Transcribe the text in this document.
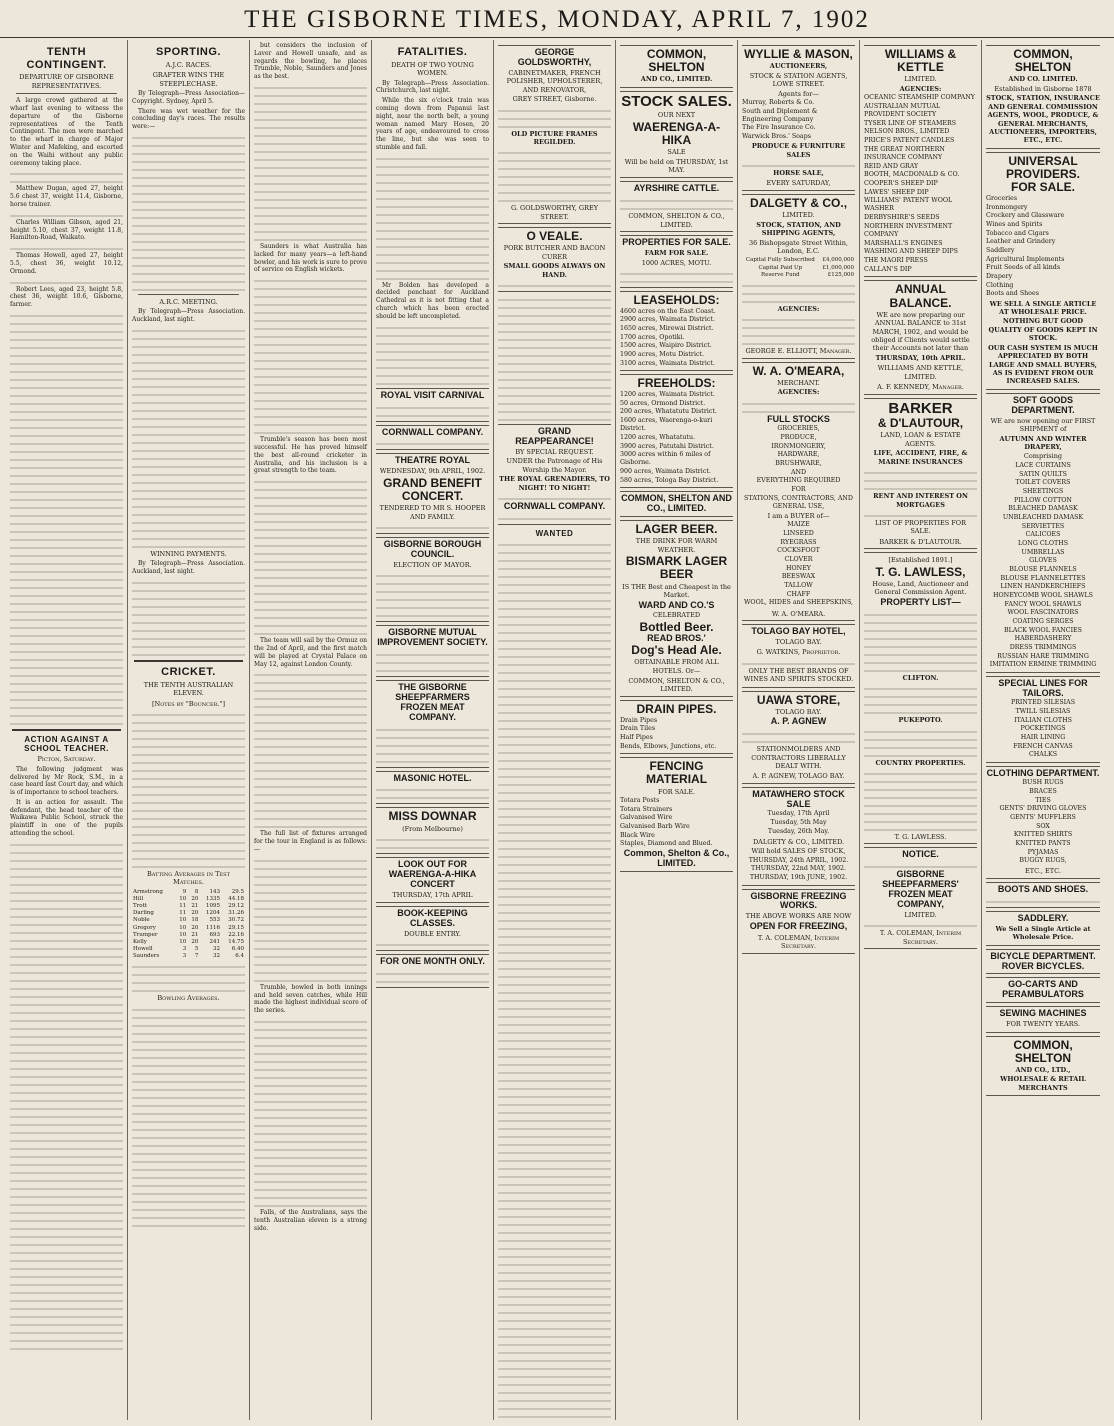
THE GISBORNE TIMES, MONDAY, APRIL 7, 1902
TENTH CONTINGENT.
DEPARTURE OF GISBORNE REPRESENTATIVES.

A large crowd gathered at the wharf last evening to witness the departure of the Gisborne representatives of the Tenth Contingent. The men were marched to the wharf in charge of Major Winter and Mafeking, and escorted on the Waihi without any public ceremony taking place.

Matthew Dugan, aged 27, height 5.6 chest 37, weight 11.4, Gisborne, horse trainer.

Charles William Gibson, aged 21, height 5.10, chest 37, weight 11.8, Hamilton-Road, Waikato.

Thomas Howell, aged 27, height 5.5, chest 36, weight 10.12, Ormond.

Robert Lees, aged 23, height 5.8, chest 36, weight 10.6, Gisborne, farmer.

ACTION AGAINST A SCHOOL TEACHER.
Picton, Saturday.

The following judgment was delivered by Mr Rock, S.M., in a case heard last Court day, and which is of importance to school teachers.

It is an action for assault. The defendant, the head teacher of the Waikawa Public School, struck the plaintiff in one of the pupils attending the school.

SPORTING.
A.J.C. RACES.
GRAFTER WINS THE STEEPLECHASE.

By Telegraph—Press Association—Copyright. Sydney, April 5.

There was wet weather for the concluding day's races. The results were:—

A.R.C. MEETING.

By Telegraph—Press Association. Auckland, last night.

WINNING PAYMENTS.

By Telegraph—Press Association. Auckland, last night.

CRICKET.
THE TENTH AUSTRALIAN ELEVEN.
[Notes by "Bouncer."]
Batting Averages in Test Matches.
Armstrong	9	8	143	29.5
Hill	10	20	1335	44.18
Trott	11	21	1095	29.12
Darling	11	20	1204	31.26
Noble	10	18	553	30.72
Gregory	10	20	1116	29.15
Trumper	10	21	693	22.16
Kelly	10	20	241	14.75
Howell	3	5	32	6.40
Saunders	3	7	32	6.4
Bowling Averages.

but considers the inclusion of Laver and Howell unsafe, and as regards the bowling, he places Trumble, Noble, Saunders and Jones as the best.

Saunders is what Australia has lacked for many years—a left-hand bowler, and his work is sure to prove of service on English wickets.

Trumble's season has been most successful. He has proved himself the best all-round cricketer in Australia, and his inclusion is a great strength to the team.

The team will sail by the Ormuz on the 2nd of April, and the first match will be played at Crystal Palace on May 12, against London County.

The full list of fixtures arranged for the tour in England is as follows:—

Trumble, bowled in both innings and held seven catches, while Hill made the highest individual score of the series.

Falls, of the Australians, says the tenth Australian eleven is a strong side.

FATALITIES.
DEATH OF TWO YOUNG WOMEN.

By Telegraph—Press Association. Christchurch, last night.

While the six o'clock train was coming down from Papanui last night, near the north belt, a young woman named Mary Hosen, 20 years of age, endeavoured to cross the line, but she was seen to stumble and fall.

Mr Bolden has developed a decided penchant for Auckland Cathedral as it is not fitting that a church which has been erected should be left uncompleted.

ROYAL VISIT CARNIVAL
CORNWALL COMPANY.
THEATRE ROYAL
WEDNESDAY, 9th APRIL, 1902.
GRAND BENEFIT CONCERT.
TENDERED TO MR S. HOOPER AND FAMILY.
GISBORNE BOROUGH COUNCIL.
ELECTION OF MAYOR.
GISBORNE MUTUAL IMPROVEMENT SOCIETY.
THE GISBORNE SHEEPFARMERS FROZEN MEAT COMPANY.
MASONIC HOTEL.
MISS DOWNAR
(From Melbourne)
LOOK OUT FOR WAERENGA-A-HIKA CONCERT
THURSDAY, 17th APRIL
BOOK-KEEPING CLASSES.
DOUBLE ENTRY.
FOR ONE MONTH ONLY.
GEORGE GOLDSWORTHY,
CABINETMAKER, FRENCH POLISHER, UPHOLSTERER, AND RENOVATOR,
GREY STREET, Gisborne.
OLD PICTURE FRAMES REGILDED.
G. GOLDSWORTHY, GREY STREET.
O VEALE.
PORK BUTCHER AND BACON CURER
SMALL GOODS ALWAYS ON HAND.
GRAND REAPPEARANCE!
BY SPECIAL REQUEST.
UNDER the Patronage of His Worship the Mayor.
THE ROYAL GRENADIERS, TO NIGHT! TO NIGHT!
CORNWALL COMPANY.
WANTED
COMMON, SHELTON
AND CO., LIMITED.
STOCK SALES.
OUR NEXT
WAERENGA-A-HIKA
SALE
Will be held on THURSDAY, 1st MAY.
AYRSHIRE CATTLE.
COMMON, SHELTON & CO., LIMITED.
PROPERTIES FOR SALE.
FARM FOR SALE.
1000 ACRES, MOTU.
LEASEHOLDS:
4600 acres on the East Coast.
2900 acres, Waimata District.
1650 acres, Mirewai District.
1700 acres, Opotiki.
1500 acres, Waipiro District.
1900 acres, Motu District.
3100 acres, Waimata District.
FREEHOLDS:
1200 acres, Waimata District.
50 acres, Ormond District.
200 acres, Whatatutu District.
1600 acres, Waerenga-o-kuri District.
1200 acres, Whatatutu.
3900 acres, Patutahi District.
3000 acres within 6 miles of Gisborne.
900 acres, Waimata District.
580 acres, Tologa Bay District.
COMMON, SHELTON AND CO., LIMITED.
LAGER BEER.
THE DRINK FOR WARM WEATHER.
BISMARK LAGER BEER
IS THE Best and Cheapest in the Market.
WARD AND CO.'S
CELEBRATED
Bottled Beer.
READ BROS.'
Dog's Head Ale.
OBTAINABLE FROM ALL HOTELS. Or—
COMMON, SHELTON & CO., LIMITED.
DRAIN PIPES.
Drain Pipes
Drain Tiles
Half Pipes
Bends, Elbows, Junctions, etc.
FENCING MATERIAL
FOR SALE.
Totara Posts
Totara Strainers
Galvanised Wire
Galvanised Barb Wire
Black Wire
Staples, Diamond and Blued.
Common, Shelton & Co., LIMITED.
WYLLIE & MASON,
AUCTIONEERS,
STOCK & STATION AGENTS, LOWE STREET.
Agents for—
Murray, Roberts & Co.
South and Diplement & Engineering Company
The Fire Insurance Co.
Warwick Bros.' Soaps
PRODUCE & FURNITURE SALES
HORSE SALE,
EVERY SATURDAY,
DALGETY & CO.,
LIMITED.
STOCK, STATION, AND SHIPPING AGENTS,
36 Bishopsgate Street Within, London, E.C.
Capital Fully Subscribed	£4,000,000
Capital Paid Up	£1,000,000
Reserve Fund	£125,000
AGENCIES:
GEORGE E. ELLIOTT, Manager.
W. A. O'MEARA,
MERCHANT.
AGENCIES:
FULL STOCKS
GROCERIES,
PRODUCE,
IRONMONGERY,
HARDWARE,
BRUSHWARE,
AND
EVERYTHING REQUIRED
FOR
STATIONS, CONTRACTORS, AND GENERAL USE,
I am a BUYER of—
MAIZE
LINSEED
RYEGRASS
COCKSFOOT
CLOVER
HONEY
BEESWAX
TALLOW
CHAFF
WOOL, HIDES and SHEEPSKINS,
W. A. O'MEARA.
TOLAGO BAY HOTEL,
TOLAGO BAY.
G. WATKINS, Proprietor.
ONLY THE BEST BRANDS OF WINES AND SPIRITS STOCKED.
UAWA STORE,
TOLAGO BAY.
A. P. AGNEW
STATIONMOLDERS AND CONTRACTORS LIBERALLY DEALT WITH.
A. P. AGNEW, TOLAGO BAY.
MATAWHERO STOCK SALE
Tuesday, 17th April
Tuesday, 5th May
Tuesday, 26th May.
DALGETY & CO., LIMITED.
Will hold SALES OF STOCK,
THURSDAY, 24th APRIL, 1902.
THURSDAY, 22nd MAY, 1902.
THURSDAY, 19th JUNE, 1902.
GISBORNE FREEZING WORKS.
THE ABOVE WORKS ARE NOW
OPEN FOR FREEZING,
T. A. COLEMAN, Interim Secretary.
WILLIAMS & KETTLE
LIMITED.
AGENCIES:
OCEANIC STEAMSHIP COMPANY
AUSTRALIAN MUTUAL PROVIDENT SOCIETY
TYSER LINE OF STEAMERS
NELSON BROS., LIMITED
PRICE'S PATENT CANDLES
THE GREAT NORTHERN INSURANCE COMPANY
REID AND GRAY
BOOTH, MACDONALD & CO.
COOPER'S SHEEP DIP
LAWES' SHEEP DIP
WILLIAMS' PATENT WOOL WASHER
DERBYSHIRE'S SEEDS
NORTHERN INVESTMENT COMPANY
MARSHALL'S ENGINES
WASHING AND SHEEP DIPS
THE MAORI PRESS
CALLAN'S DIP
ANNUAL BALANCE.
WE are now preparing our ANNUAL BALANCE to 31st MARCH, 1902, and would be obliged if Clients would settle their Accounts not later than
THURSDAY, 10th APRIL.
WILLIAMS AND KETTLE, LIMITED.
A. F. KENNEDY, Manager.
BARKER
& D'LAUTOUR,
LAND, LOAN & ESTATE AGENTS.
LIFE, ACCIDENT, FIRE, & MARINE INSURANCES
RENT AND INTEREST ON MORTGAGES
LIST OF PROPERTIES FOR SALE.
BARKER & D'LAUTOUR.
[Established 1891.]
T. G. LAWLESS,
House, Land, Auctioneer and General Commission Agent.
PROPERTY LIST—
CLIFTON.
PUKEPOTO.
COUNTRY PROPERTIES.
T. G. LAWLESS.
NOTICE.
GISBORNE SHEEPFARMERS' FROZEN MEAT COMPANY,
LIMITED.
T. A. COLEMAN, Interim Secretary.
COMMON, SHELTON
AND CO. LIMITED.
Established in Gisborne 1878
STOCK, STATION, INSURANCE AND GENERAL COMMISSION AGENTS, WOOL, PRODUCE, & GENERAL MERCHANTS, AUCTIONEERS, IMPORTERS, ETC., ETC.
UNIVERSAL PROVIDERS.
FOR SALE.
Groceries
Ironmongery
Crockery and Glassware
Wines and Spirits
Tobacco and Cigars
Leather and Grindery
Saddlery
Agricultural Implements
Fruit Seeds of all kinds
Drapery
Clothing
Boots and Shoes
WE SELL A SINGLE ARTICLE AT WHOLESALE PRICE.
NOTHING BUT GOOD QUALITY OF GOODS KEPT IN STOCK.
OUR CASH SYSTEM IS MUCH APPRECIATED BY BOTH LARGE AND SMALL BUYERS, AS IS EVIDENT FROM OUR INCREASED SALES.
SOFT GOODS DEPARTMENT.
WE are now opening our FIRST SHIPMENT of
AUTUMN AND WINTER DRAPERY,
Comprising
LACE CURTAINS
SATIN QUILTS
TOILET COVERS
SHEETINGS
PILLOW COTTON
BLEACHED DAMASK
UNBLEACHED DAMASK
SERVIETTES
CALICOES
LONG CLOTHS
UMBRELLAS
GLOVES
BLOUSE FLANNELS
BLOUSE FLANNELETTES
LINEN HANDKERCHIEFS
HONEYCOMB WOOL SHAWLS
FANCY WOOL SHAWLS
WOOL FASCINATORS
COATING SERGES
BLACK WOOL FANCIES
HABERDASHERY
DRESS TRIMMINGS
RUSSIAN HARE TRIMMING
IMITATION ERMINE TRIMMING
SPECIAL LINES FOR TAILORS.
PRINTED SILESIAS
TWILL SILESIAS
ITALIAN CLOTHS
POCKETINGS
HAIR LINING
FRENCH CANVAS
CHALKS
CLOTHING DEPARTMENT.
BUSH RUGS
BRACES
TIES
GENTS' DRIVING GLOVES
GENTS' MUFFLERS
SOX
KNITTED SHIRTS
KNITTED PANTS
PYJAMAS
BUGGY RUGS,
ETC., ETC.
BOOTS AND SHOES.
SADDLERY.
We Sell a Single Article at Wholesale Price.
BICYCLE DEPARTMENT.
ROVER BICYCLES.
GO-CARTS AND PERAMBULATORS
SEWING MACHINES
FOR TWENTY YEARS.
COMMON, SHELTON
AND CO., LTD.,
WHOLESALE & RETAIL MERCHANTS
